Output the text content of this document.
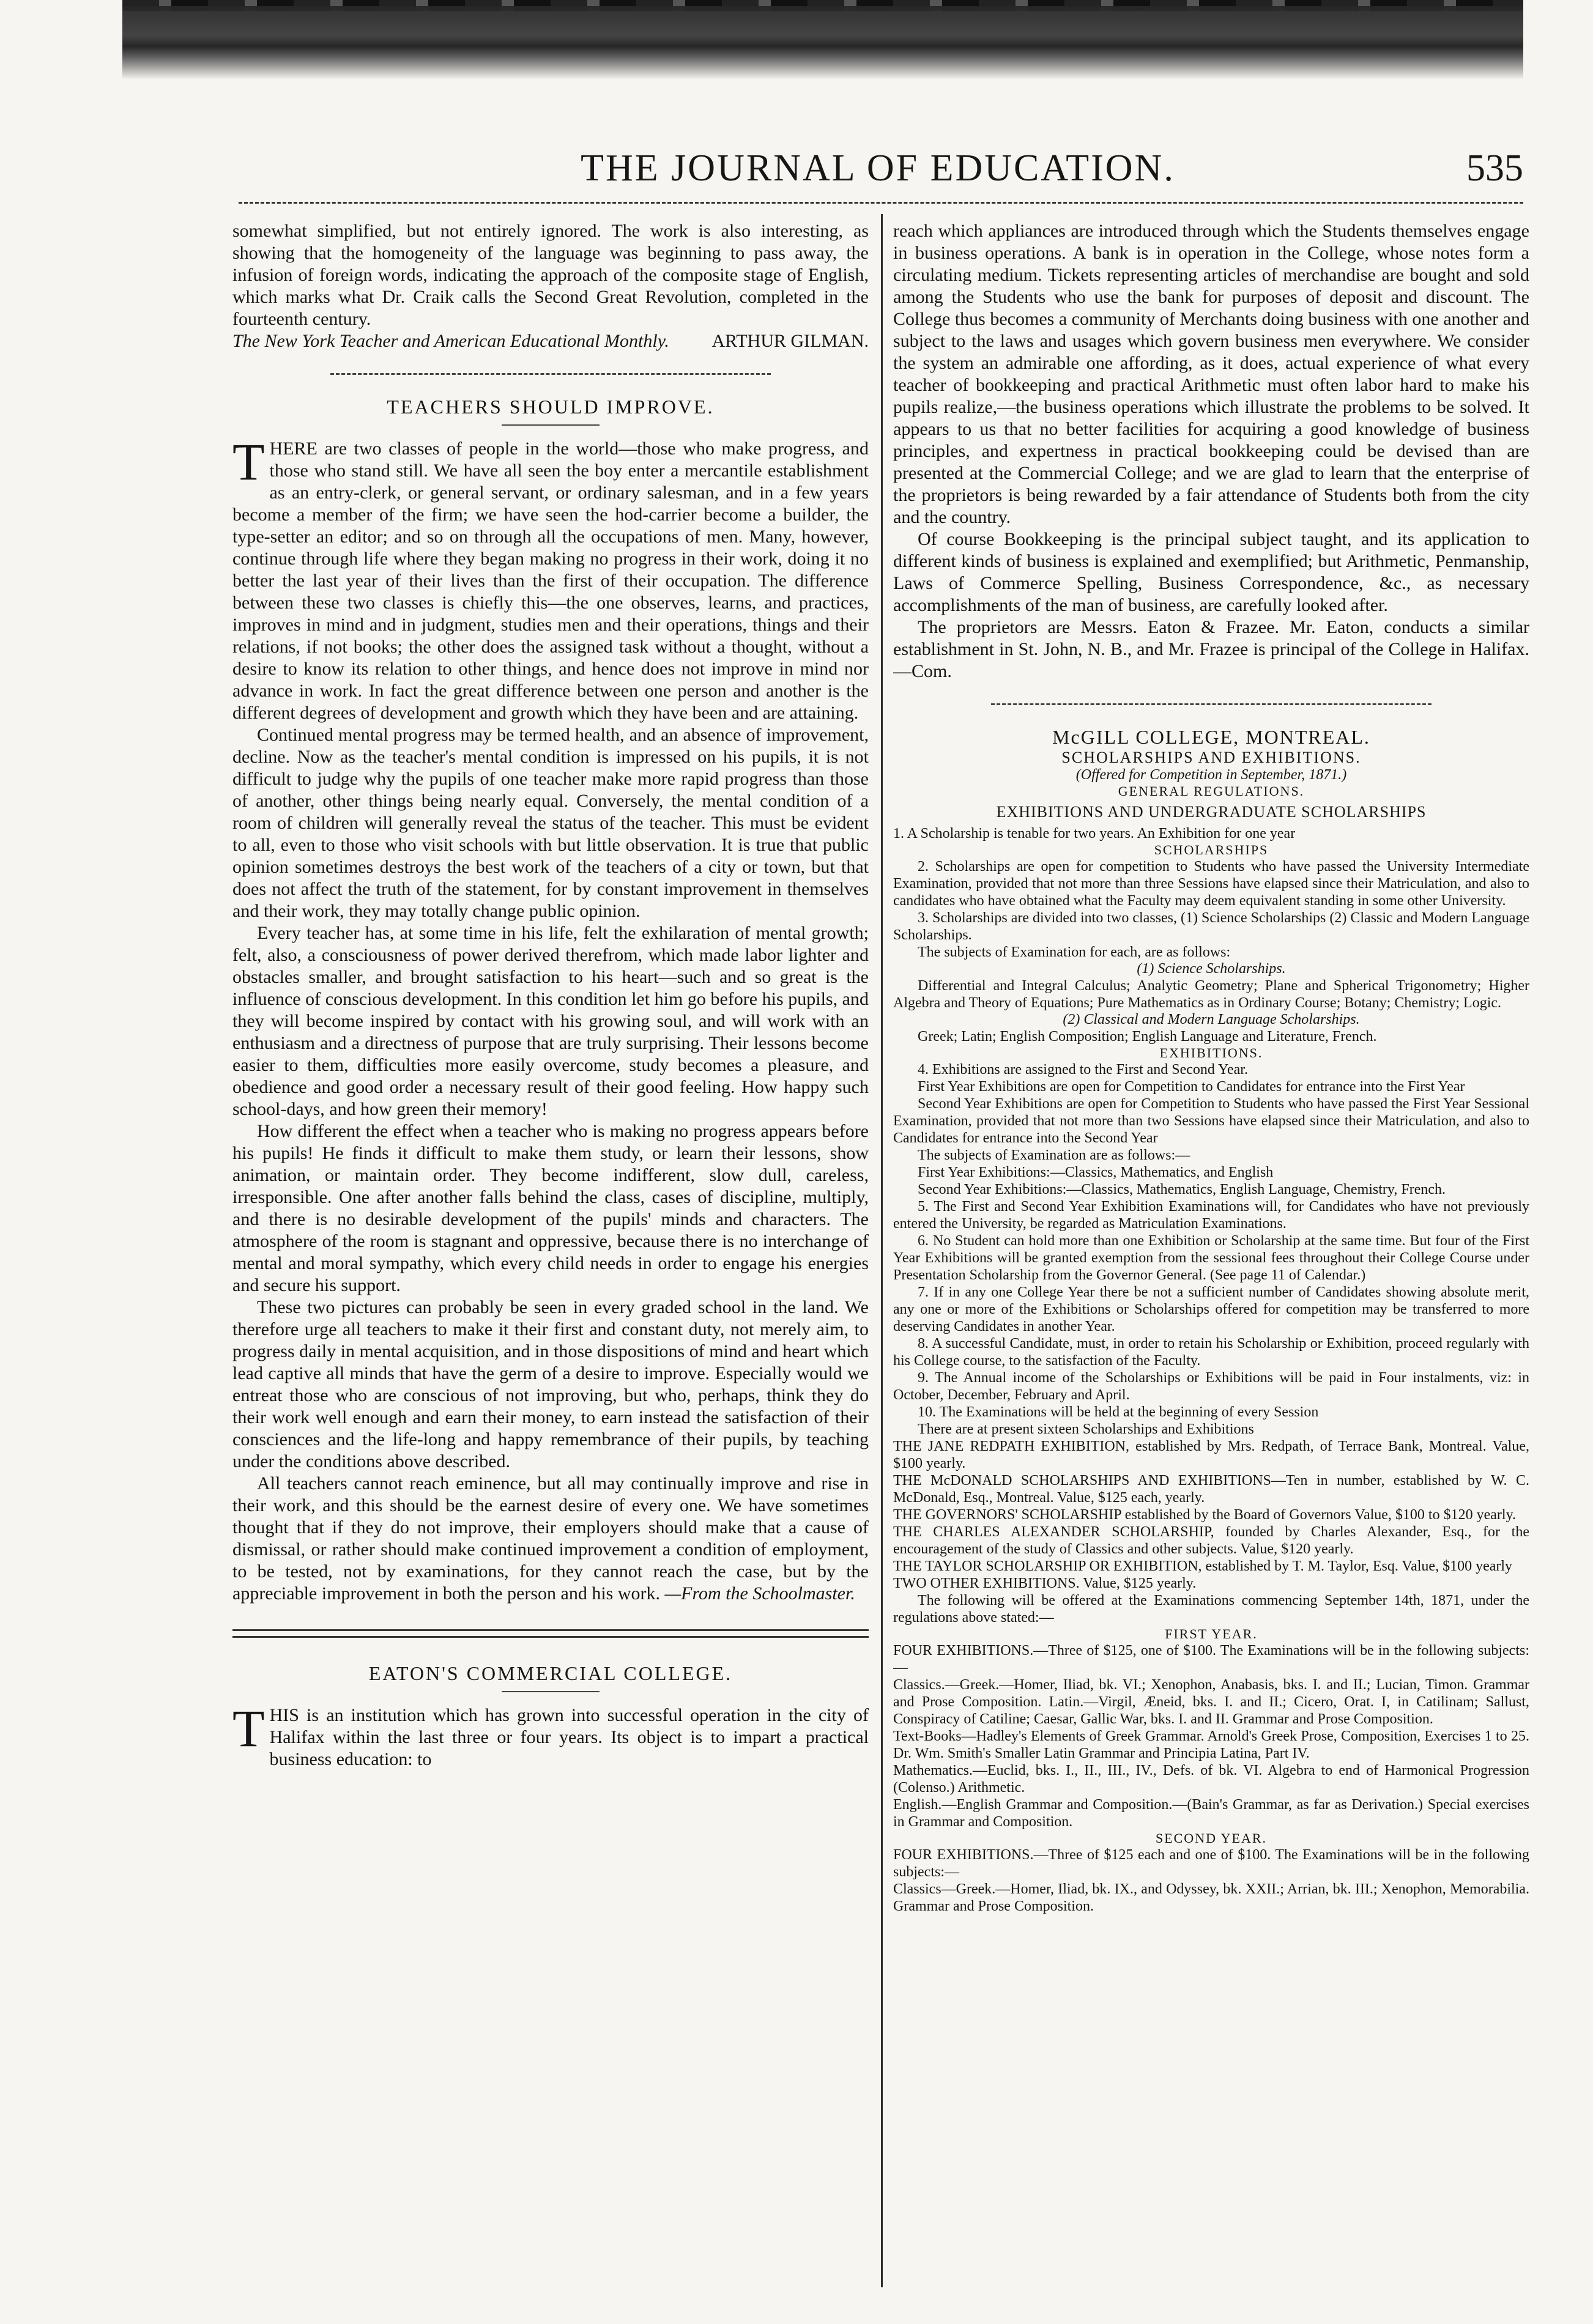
THE JOURNAL OF EDUCATION.	535

somewhat simplified, but not entirely ignored. The work is also interesting, as showing that the homogeneity of the language was beginning to pass away, the infusion of foreign words, indicating the approach of the composite stage of English, which marks what Dr. Craik calls the Second Great Revolution, completed in the fourteenth century.

The New York Teacher and American Educational Monthly. ARTHUR GILMAN.
TEACHERS SHOULD IMPROVE.

THERE are two classes of people in the world—those who make progress, and those who stand still. We have all seen the boy enter a mercantile establishment as an entry-clerk, or general servant, or ordinary salesman, and in a few years become a member of the firm; we have seen the hod-carrier become a builder, the type-setter an editor; and so on through all the occupations of men. Many, however, continue through life where they began making no progress in their work, doing it no better the last year of their lives than the first of their occupation. The difference between these two classes is chiefly this—the one observes, learns, and practices, improves in mind and in judgment, studies men and their operations, things and their relations, if not books; the other does the assigned task without a thought, without a desire to know its relation to other things, and hence does not improve in mind nor advance in work. In fact the great difference between one person and another is the different degrees of development and growth which they have been and are attaining.

Continued mental progress may be termed health, and an absence of improvement, decline. Now as the teacher's mental condition is impressed on his pupils, it is not difficult to judge why the pupils of one teacher make more rapid progress than those of another, other things being nearly equal. Conversely, the mental condition of a room of children will generally reveal the status of the teacher. This must be evident to all, even to those who visit schools with but little observation. It is true that public opinion sometimes destroys the best work of the teachers of a city or town, but that does not affect the truth of the statement, for by constant improvement in themselves and their work, they may totally change public opinion.

Every teacher has, at some time in his life, felt the exhilaration of mental growth; felt, also, a consciousness of power derived therefrom, which made labor lighter and obstacles smaller, and brought satisfaction to his heart—such and so great is the influence of conscious development. In this condition let him go before his pupils, and they will become inspired by contact with his growing soul, and will work with an enthusiasm and a directness of purpose that are truly surprising. Their lessons become easier to them, difficulties more easily overcome, study becomes a pleasure, and obedience and good order a necessary result of their good feeling. How happy such school-days, and how green their memory!

How different the effect when a teacher who is making no progress appears before his pupils! He finds it difficult to make them study, or learn their lessons, show animation, or maintain order. They become indifferent, slow dull, careless, irresponsible. One after another falls behind the class, cases of discipline, multiply, and there is no desirable development of the pupils' minds and characters. The atmosphere of the room is stagnant and oppressive, because there is no interchange of mental and moral sympathy, which every child needs in order to engage his energies and secure his support.

These two pictures can probably be seen in every graded school in the land. We therefore urge all teachers to make it their first and constant duty, not merely aim, to progress daily in mental acquisition, and in those dispositions of mind and heart which lead captive all minds that have the germ of a desire to improve. Especially would we entreat those who are conscious of not improving, but who, perhaps, think they do their work well enough and earn their money, to earn instead the satisfaction of their consciences and the life-long and happy remembrance of their pupils, by teaching under the conditions above described.

All teachers cannot reach eminence, but all may continually improve and rise in their work, and this should be the earnest desire of every one. We have sometimes thought that if they do not improve, their employers should make that a cause of dismissal, or rather should make continued improvement a condition of employment, to be tested, not by examinations, for they cannot reach the case, but by the appreciable improvement in both the person and his work. —From the Schoolmaster.

EATON'S COMMERCIAL COLLEGE.

THIS is an institution which has grown into successful operation in the city of Halifax within the last three or four years. Its object is to impart a practical business education: to

reach which appliances are introduced through which the Students themselves engage in business operations. A bank is in operation in the College, whose notes form a circulating medium. Tickets representing articles of merchandise are bought and sold among the Students who use the bank for purposes of deposit and discount. The College thus becomes a community of Merchants doing business with one another and subject to the laws and usages which govern business men everywhere. We consider the system an admirable one affording, as it does, actual experience of what every teacher of bookkeeping and practical Arithmetic must often labor hard to make his pupils realize,—the business operations which illustrate the problems to be solved. It appears to us that no better facilities for acquiring a good knowledge of business principles, and expertness in practical bookkeeping could be devised than are presented at the Commercial College; and we are glad to learn that the enterprise of the proprietors is being rewarded by a fair attendance of Students both from the city and the country.

Of course Bookkeeping is the principal subject taught, and its application to different kinds of business is explained and exemplified; but Arithmetic, Penmanship, Laws of Commerce Spelling, Business Correspondence, &c., as necessary accomplishments of the man of business, are carefully looked after.

The proprietors are Messrs. Eaton & Frazee. Mr. Eaton, conducts a similar establishment in St. John, N. B., and Mr. Frazee is principal of the College in Halifax.—Com.

McGILL COLLEGE, MONTREAL.
SCHOLARSHIPS AND EXHIBITIONS.
(Offered for Competition in September, 1871.)
GENERAL REGULATIONS.
EXHIBITIONS AND UNDERGRADUATE SCHOLARSHIPS

1. A Scholarship is tenable for two years. An Exhibition for one year

SCHOLARSHIPS

2. Scholarships are open for competition to Students who have passed the University Intermediate Examination, provided that not more than three Sessions have elapsed since their Matriculation, and also to candidates who have obtained what the Faculty may deem equivalent standing in some other University.

3. Scholarships are divided into two classes, (1) Science Scholarships (2) Classic and Modern Language Scholarships.

The subjects of Examination for each, are as follows:

(1) Science Scholarships.

Differential and Integral Calculus; Analytic Geometry; Plane and Spherical Trigonometry; Higher Algebra and Theory of Equations; Pure Mathematics as in Ordinary Course; Botany; Chemistry; Logic.

(2) Classical and Modern Language Scholarships.

Greek; Latin; English Composition; English Language and Literature, French.

EXHIBITIONS.

4. Exhibitions are assigned to the First and Second Year.

First Year Exhibitions are open for Competition to Candidates for entrance into the First Year

Second Year Exhibitions are open for Competition to Students who have passed the First Year Sessional Examination, provided that not more than two Sessions have elapsed since their Matriculation, and also to Candidates for entrance into the Second Year

The subjects of Examination are as follows:—

First Year Exhibitions:—Classics, Mathematics, and English

Second Year Exhibitions:—Classics, Mathematics, English Language, Chemistry, French.

5. The First and Second Year Exhibition Examinations will, for Candidates who have not previously entered the University, be regarded as Matriculation Examinations.

6. No Student can hold more than one Exhibition or Scholarship at the same time. But four of the First Year Exhibitions will be granted exemption from the sessional fees throughout their College Course under Presentation Scholarship from the Governor General. (See page 11 of Calendar.)

7. If in any one College Year there be not a sufficient number of Candidates showing absolute merit, any one or more of the Exhibitions or Scholarships offered for competition may be transferred to more deserving Candidates in another Year.

8. A successful Candidate, must, in order to retain his Scholarship or Exhibition, proceed regularly with his College course, to the satisfaction of the Faculty.

9. The Annual income of the Scholarships or Exhibitions will be paid in Four instalments, viz: in October, December, February and April.

10. The Examinations will be held at the beginning of every Session

There are at present sixteen Scholarships and Exhibitions

THE JANE REDPATH EXHIBITION, established by Mrs. Redpath, of Terrace Bank, Montreal. Value, $100 yearly.

THE McDONALD SCHOLARSHIPS AND EXHIBITIONS—Ten in number, established by W. C. McDonald, Esq., Montreal. Value, $125 each, yearly.

THE GOVERNORS' SCHOLARSHIP established by the Board of Governors Value, $100 to $120 yearly.

THE CHARLES ALEXANDER SCHOLARSHIP, founded by Charles Alexander, Esq., for the encouragement of the study of Classics and other subjects. Value, $120 yearly.

THE TAYLOR SCHOLARSHIP OR EXHIBITION, established by T. M. Taylor, Esq. Value, $100 yearly

TWO OTHER EXHIBITIONS. Value, $125 yearly.

The following will be offered at the Examinations commencing September 14th, 1871, under the regulations above stated:—

FIRST YEAR.

FOUR EXHIBITIONS.—Three of $125, one of $100. The Examinations will be in the following subjects:—

Classics.—Greek.—Homer, Iliad, bk. VI.; Xenophon, Anabasis, bks. I. and II.; Lucian, Timon. Grammar and Prose Composition. Latin.—Virgil, Æneid, bks. I. and II.; Cicero, Orat. I, in Catilinam; Sallust, Conspiracy of Catiline; Caesar, Gallic War, bks. I. and II. Grammar and Prose Composition.

Text-Books—Hadley's Elements of Greek Grammar. Arnold's Greek Prose, Composition, Exercises 1 to 25. Dr. Wm. Smith's Smaller Latin Grammar and Principia Latina, Part IV.

Mathematics.—Euclid, bks. I., II., III., IV., Defs. of bk. VI. Algebra to end of Harmonical Progression (Colenso.) Arithmetic.

English.—English Grammar and Composition.—(Bain's Grammar, as far as Derivation.) Special exercises in Grammar and Composition.

SECOND YEAR.

FOUR EXHIBITIONS.—Three of $125 each and one of $100. The Examinations will be in the following subjects:—

Classics—Greek.—Homer, Iliad, bk. IX., and Odyssey, bk. XXII.; Arrian, bk. III.; Xenophon, Memorabilia. Grammar and Prose Composition.
